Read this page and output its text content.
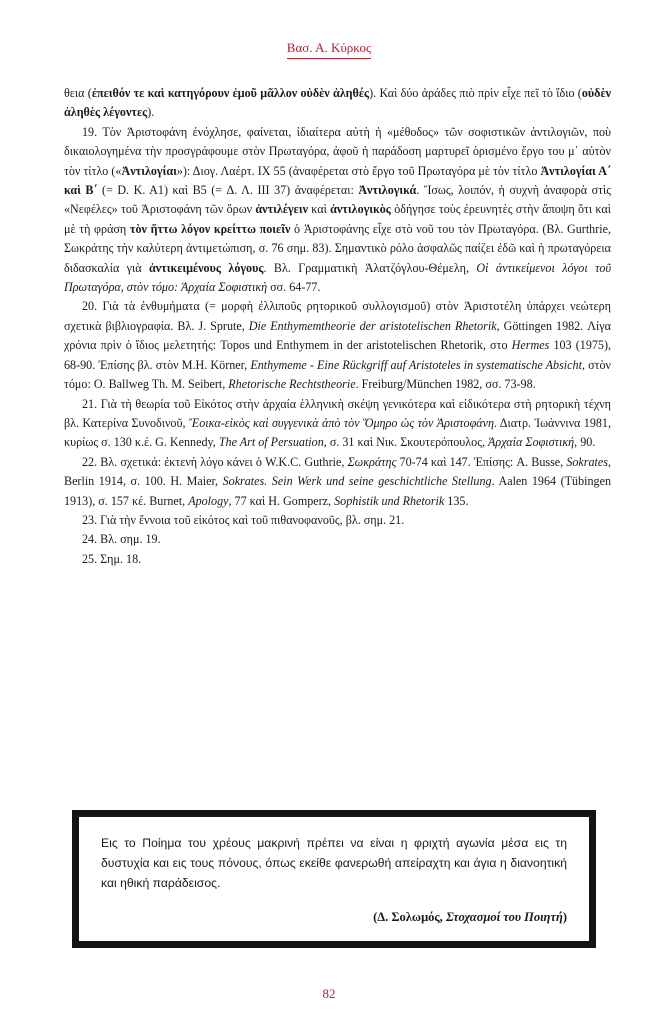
Βασ. Α. Κύρκος

θεια (ἐπειθόν τε καὶ κατηγόρουν ἐμοῦ μᾶλλον οὐδὲν ἀληθές). Καὶ δύο ἀράδες πιὸ πρὶν εἶχε πεῖ τὸ ἴδιο (οὐδὲν ἀληθὲς λέγοντες).

19. Τὸν Ἀριστοφάνη ἐνόχλησε, φαίνεται, ἰδιαίτερα αὐτὴ ἡ «μέθοδος» τῶν σοφιστικῶν ἀντιλογιῶν, ποὺ δικαιολογημένα τὴν προσγράφουμε στὸν Πρωταγόρα, ἀφοῦ ἡ παράδοση μαρτυρεῖ ὁρισμένο ἔργο του μ᾽ αὐτὸν τὸν τίτλο («Ἀντιλογίαι»): Διογ. Λαέρτ. IX 55 (ἀναφέρεται στὸ ἔργο τοῦ Πρωταγόρα μὲ τὸν τίτλο Ἀντιλογίαι Α΄ καὶ Β΄ (= D. K. A1) καὶ B5 (= Δ. Λ. III 37) ἀναφέρεται: Ἀντιλογικά. Ἴσως, λοιπόν, ἡ συχνὴ ἀναφορὰ στὶς «Νεφέλες» τοῦ Ἀριστοφάνη τῶν ὅρων ἀντιλέγειν καὶ ἀντιλογικὸς ὁδήγησε τοὺς ἐρευνητὲς στὴν ἄποψη ὅτι καὶ μὲ τὴ φράση τὸν ἥττω λόγον κρείττω ποιεῖν ὁ Ἀριστοφάνης εἶχε στὸ νοῦ του τὸν Πρωταγόρα. (Βλ. Gurthrie, Σωκράτης τὴν καλύτερη ἀντιμετώπιση, σ. 76 σημ. 83). Σημαντικὸ ρόλο ἀσφαλῶς παίζει ἐδῶ καὶ ἡ πρωταγόρεια διδασκαλία γιὰ ἀντικειμένους λόγους. Βλ. Γραμματικὴ Ἀλατζόγλου-Θέμελη, Οἱ ἀντικείμενοι λόγοι τοῦ Πρωταγόρα, στὸν τόμο: Ἀρχαία Σοφιστικὴ σσ. 64-77.

20. Γιὰ τὰ ἐνθυμήματα (= μορφὴ ἐλλιποῦς ρητορικοῦ συλλογισμοῦ) στὸν Ἀριστοτέλη ὑπάρχει νεώτερη σχετικὰ βιβλιογραφία. Βλ. J. Sprute, Die Enthymemtheorie der aristotelischen Rhetorik, Göttingen 1982. Λίγα χρόνια πρὶν ὁ ἴδιος μελετητής: Topos und Enthymem in der aristotelischen Rhetorik, στο Hermes 103 (1975), 68-90. Ἐπίσης βλ. στὸν M.H. Körner, Enthymeme - Eine Rückgriff auf Aristoteles in systematische Absicht, στὸν τόμο: O. Ballweg Th. M. Seibert, Rhetorische Rechtstheorie. Freiburg/München 1982, σσ. 73-98.

21. Γιὰ τὴ θεωρία τοῦ Εἰκότος στὴν ἀρχαία ἑλληνικὴ σκέψη γενικότερα καὶ εἰδικότερα στὴ ρητορικὴ τέχνη βλ. Κατερίνα Συνοδινοῦ, Ἔοικα-εἰκὸς καὶ συγγενικὰ ἀπὸ τὸν Ὅμηρο ὡς τὸν Ἀριστοφάνη. Διατρ. Ἰωάννινα 1981, κυρίως σ. 130 κ.έ. G. Kennedy, The Art of Persuation, σ. 31 καὶ Νικ. Σκουτερόπουλος, Ἀρχαία Σοφιστική, 90.

22. Βλ. σχετικά: ἐκτενὴ λόγο κάνει ὁ W.K.C. Guthrie, Σωκράτης 70-74 καὶ 147. Ἐπίσης: A. Busse, Sokrates, Berlin 1914, σ. 100. H. Maier, Sokrates. Sein Werk und seine geschichtliche Stellung. Aalen 1964 (Tübingen 1913), σ. 157 κέ. Burnet, Apology, 77 καὶ H. Gomperz, Sophistik und Rhetorik 135.

23. Γιὰ τὴν ἔννοια τοῦ εἰκότος καὶ τοῦ πιθανοφανοῦς, βλ. σημ. 21.

24. Βλ. σημ. 19.

25. Σημ. 18.

Εις το Ποίημα του χρέους μακρινή πρέπει να είναι η φριχτή αγωνία μέσα εις τη δυστυχία και εις τους πόνους, όπως εκείθε φανερωθή απείραχτη και άγια η διανοητική και ηθική παράδεισος.

(Δ. Σολωμός, Στοχασμοί του Ποιητή)
82
